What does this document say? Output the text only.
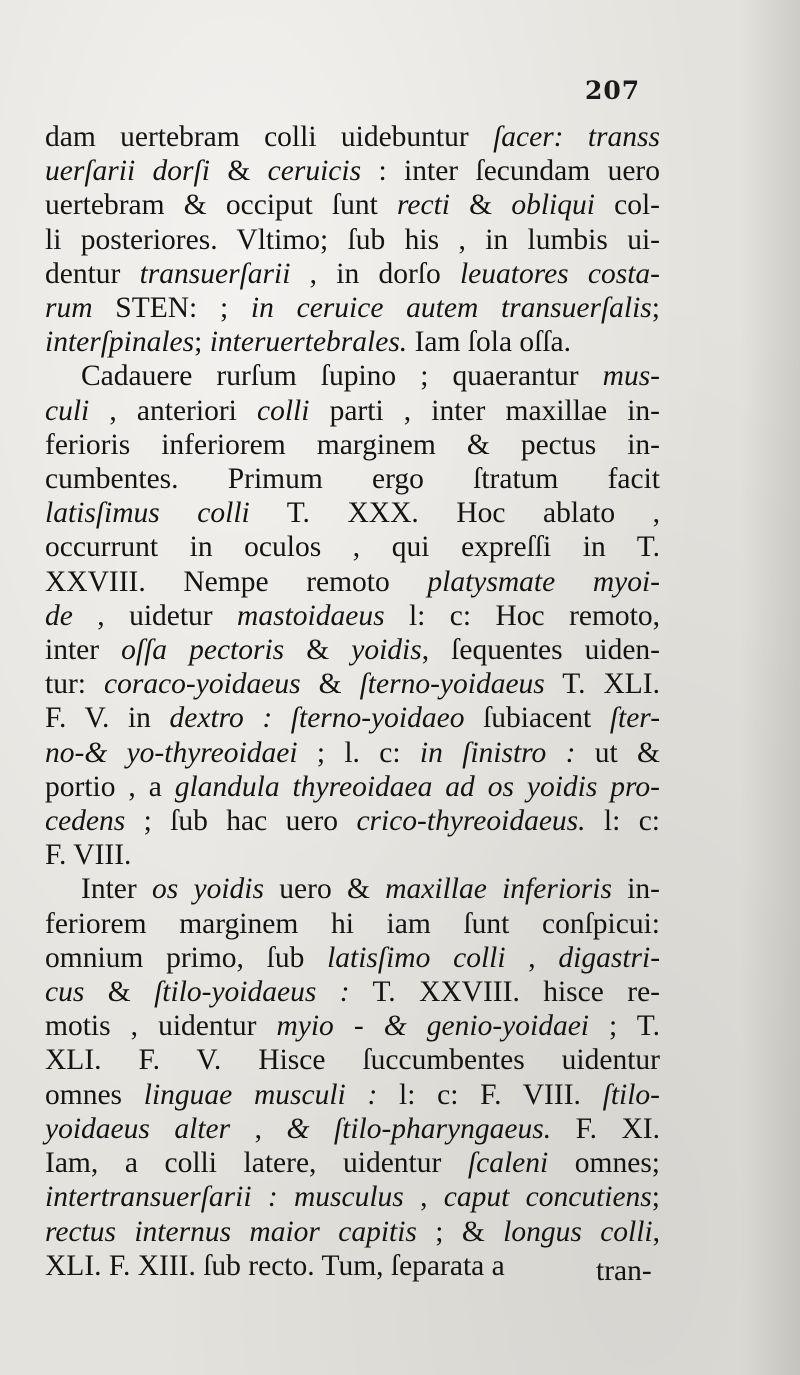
207
dam uertebram colli uidebuntur ſacer: transs
uerſarii dorſi & ceruicis : inter ſecundam uero
uertebram & occiput ſunt recti & obliqui col-
li posteriores. Vltimo; ſub his , in lumbis ui-
dentur transuerſarii , in dorſo leuatores costa-
rum STEN: ; in ceruice autem transuerſalis;
interſpinales; interuertebrales. Iam ſola oſſa.
Cadauere rurſum ſupino ; quaerantur mus-
culi , anteriori colli parti , inter maxillae in-
ferioris inferiorem marginem & pectus in-
cumbentes. Primum ergo ſtratum facit
latisſimus colli T. XXX. Hoc ablato ,
occurrunt in oculos , qui expreſſi in T.
XXVIII. Nempe remoto platysmate myoi-
de , uidetur mastoidaeus l: c: Hoc remoto,
inter oſſa pectoris & yoidis, ſequentes uiden-
tur: coraco-yoidaeus & ſterno-yoidaeus T. XLI.
F. V. in dextro : ſterno-yoidaeo ſubiacent ſter-
no-& yo-thyreoidaei ; l. c: in ſinistro : ut &
portio , a glandula thyreoidaea ad os yoidis pro-
cedens ; ſub hac uero crico-thyreoidaeus. l: c:
F. VIII.
Inter os yoidis uero & maxillae inferioris in-
feriorem marginem hi iam ſunt conſpicui:
omnium primo, ſub latisſimo colli , digastri-
cus & ſtilo-yoidaeus : T. XXVIII. hisce re-
motis , uidentur myio - & genio-yoidaei ; T.
XLI. F. V. Hisce ſuccumbentes uidentur
omnes linguae musculi : l: c: F. VIII. ſtilo-
yoidaeus alter , & ſtilo-pharyngaeus. F. XI.
Iam, a colli latere, uidentur ſcaleni omnes;
intertransuerſarii : musculus , caput concutiens;
rectus internus maior capitis ; & longus colli,
XLI. F. XIII. ſub recto. Tum, ſeparata a	tran-
